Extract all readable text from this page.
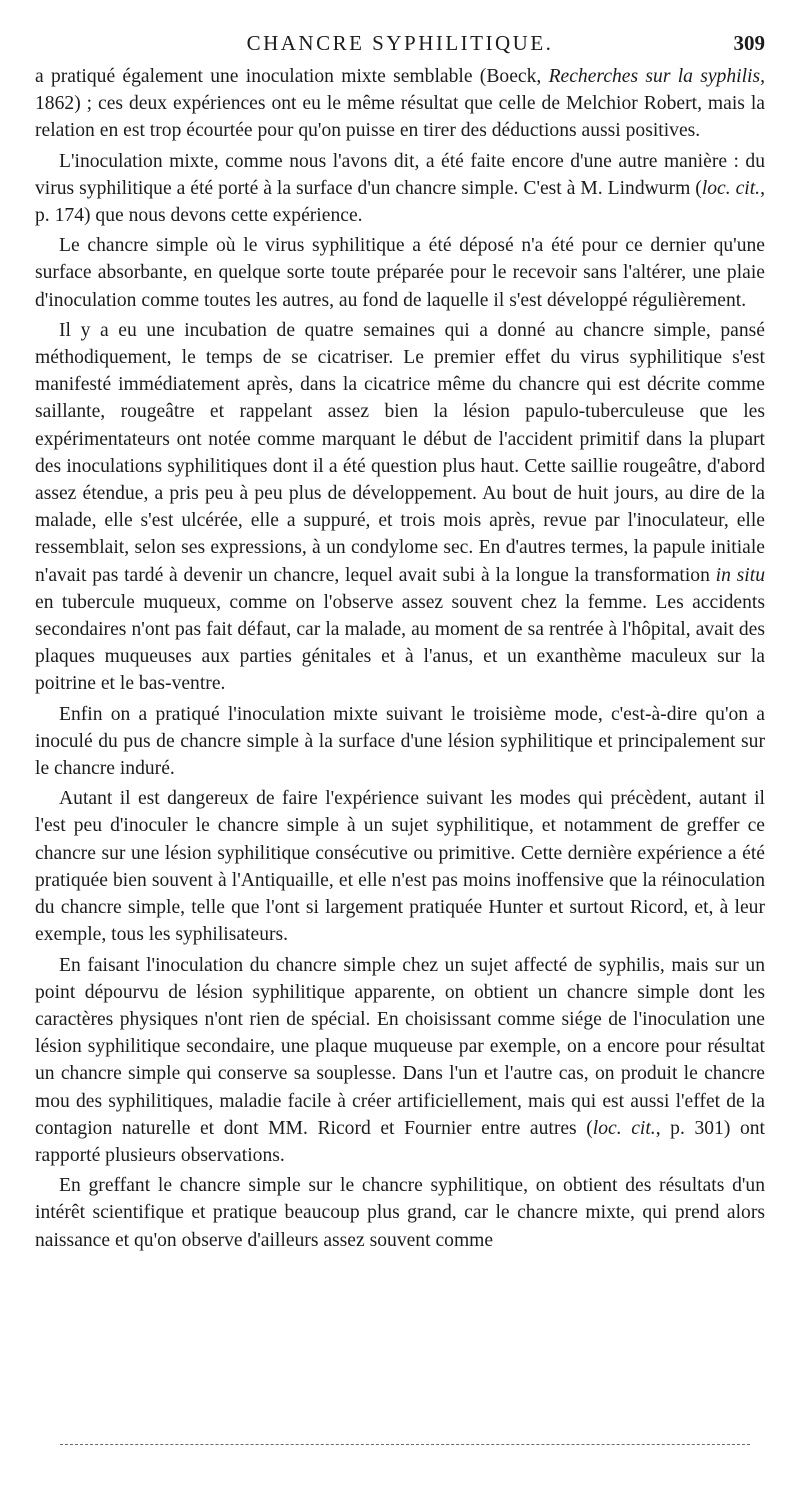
CHANCRE SYPHILITIQUE.	309

a pratiqué également une inoculation mixte semblable (Boeck, Recherches sur la syphilis, 1862) ; ces deux expériences ont eu le même résultat que celle de Melchior Robert, mais la relation en est trop écourtée pour qu'on puisse en tirer des déductions aussi positives.

L'inoculation mixte, comme nous l'avons dit, a été faite encore d'une autre manière : du virus syphilitique a été porté à la surface d'un chancre simple. C'est à M. Lindwurm (loc. cit., p. 174) que nous devons cette expérience.

Le chancre simple où le virus syphilitique a été déposé n'a été pour ce dernier qu'une surface absorbante, en quelque sorte toute préparée pour le recevoir sans l'altérer, une plaie d'inoculation comme toutes les autres, au fond de laquelle il s'est développé régulièrement.

Il y a eu une incubation de quatre semaines qui a donné au chancre simple, pansé méthodiquement, le temps de se cicatriser. Le premier effet du virus syphilitique s'est manifesté immédiatement après, dans la cicatrice même du chancre qui est décrite comme saillante, rougeâtre et rappelant assez bien la lésion papulo-tuberculeuse que les expérimentateurs ont notée comme marquant le début de l'accident primitif dans la plupart des inoculations syphilitiques dont il a été question plus haut. Cette saillie rougeâtre, d'abord assez étendue, a pris peu à peu plus de développement. Au bout de huit jours, au dire de la malade, elle s'est ulcérée, elle a suppuré, et trois mois après, revue par l'inoculateur, elle ressemblait, selon ses expressions, à un condylome sec. En d'autres termes, la papule initiale n'avait pas tardé à devenir un chancre, lequel avait subi à la longue la transformation in situ en tubercule muqueux, comme on l'observe assez souvent chez la femme. Les accidents secondaires n'ont pas fait défaut, car la malade, au moment de sa rentrée à l'hôpital, avait des plaques muqueuses aux parties génitales et à l'anus, et un exanthème maculeux sur la poitrine et le bas-ventre.

Enfin on a pratiqué l'inoculation mixte suivant le troisième mode, c'est-à-dire qu'on a inoculé du pus de chancre simple à la surface d'une lésion syphilitique et principalement sur le chancre induré.

Autant il est dangereux de faire l'expérience suivant les modes qui précèdent, autant il l'est peu d'inoculer le chancre simple à un sujet syphilitique, et notamment de greffer ce chancre sur une lésion syphilitique consécutive ou primitive. Cette dernière expérience a été pratiquée bien souvent à l'Antiquaille, et elle n'est pas moins inoffensive que la réinoculation du chancre simple, telle que l'ont si largement pratiquée Hunter et surtout Ricord, et, à leur exemple, tous les syphilisateurs.

En faisant l'inoculation du chancre simple chez un sujet affecté de syphilis, mais sur un point dépourvu de lésion syphilitique apparente, on obtient un chancre simple dont les caractères physiques n'ont rien de spécial. En choisissant comme siége de l'inoculation une lésion syphilitique secondaire, une plaque muqueuse par exemple, on a encore pour résultat un chancre simple qui conserve sa souplesse. Dans l'un et l'autre cas, on produit le chancre mou des syphilitiques, maladie facile à créer artificiellement, mais qui est aussi l'effet de la contagion naturelle et dont MM. Ricord et Fournier entre autres (loc. cit., p. 301) ont rapporté plusieurs observations.

En greffant le chancre simple sur le chancre syphilitique, on obtient des résultats d'un intérêt scientifique et pratique beaucoup plus grand, car le chancre mixte, qui prend alors naissance et qu'on observe d'ailleurs assez souvent comme
